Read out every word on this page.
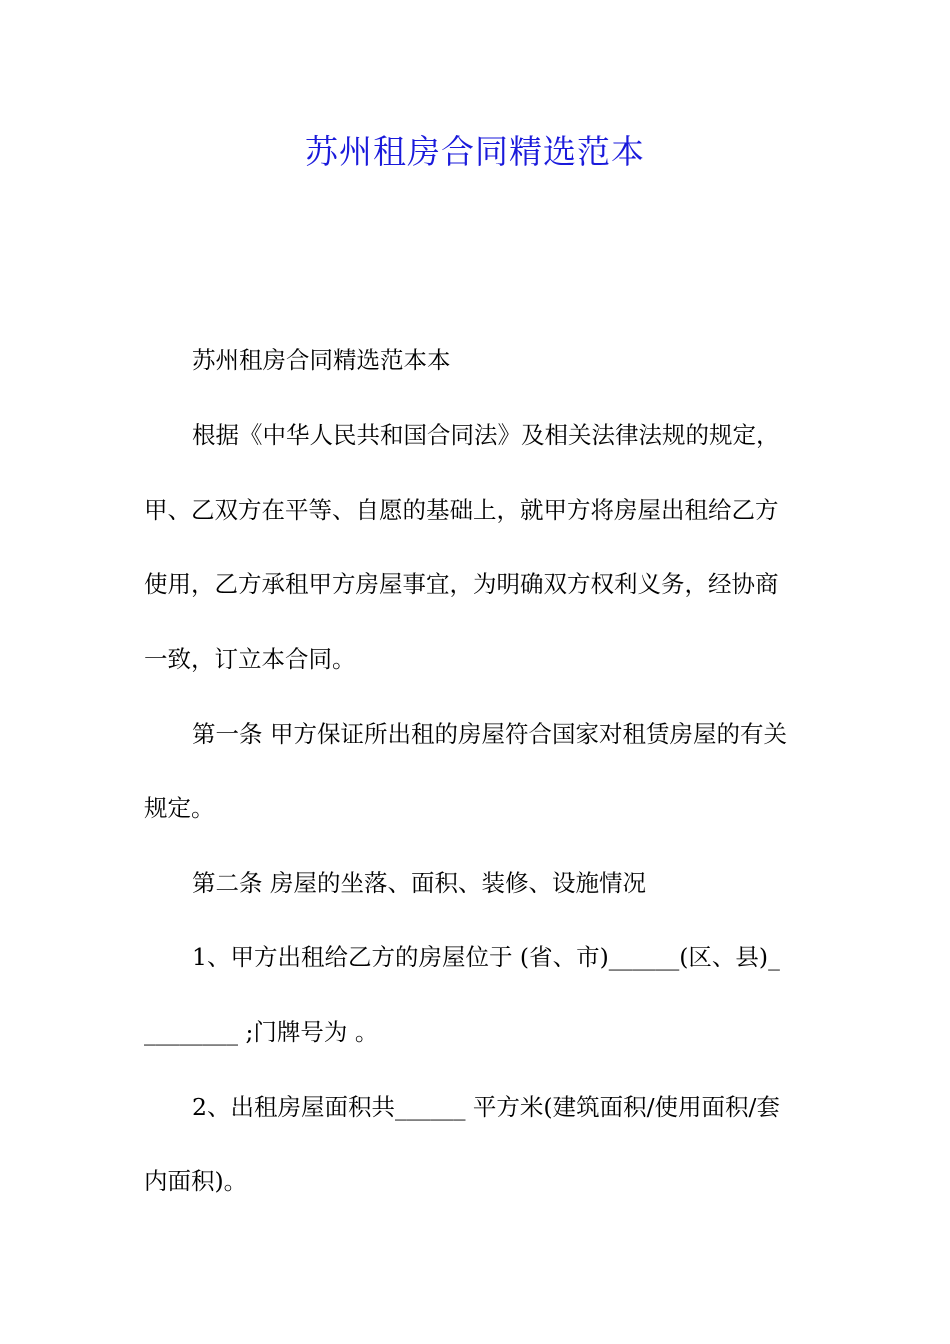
苏州租房合同精选范本
苏州租房合同精选范本本
根据《中华人民共和国合同法》及相关法律法规的规定，
甲、乙双方在平等、自愿的基础上，就甲方将房屋出租给乙方
使用，乙方承租甲方房屋事宜，为明确双方权利义务，经协商
一致，订立本合同。
第一条 甲方保证所出租的房屋符合国家对租赁房屋的有关
规定。
第二条 房屋的坐落、面积、装修、设施情况
1、甲方出租给乙方的房屋位于 (省、市)______(区、县)_
________ ;门牌号为 。
2、出租房屋面积共______ 平方米(建筑面积/使用面积/套
内面积)。
